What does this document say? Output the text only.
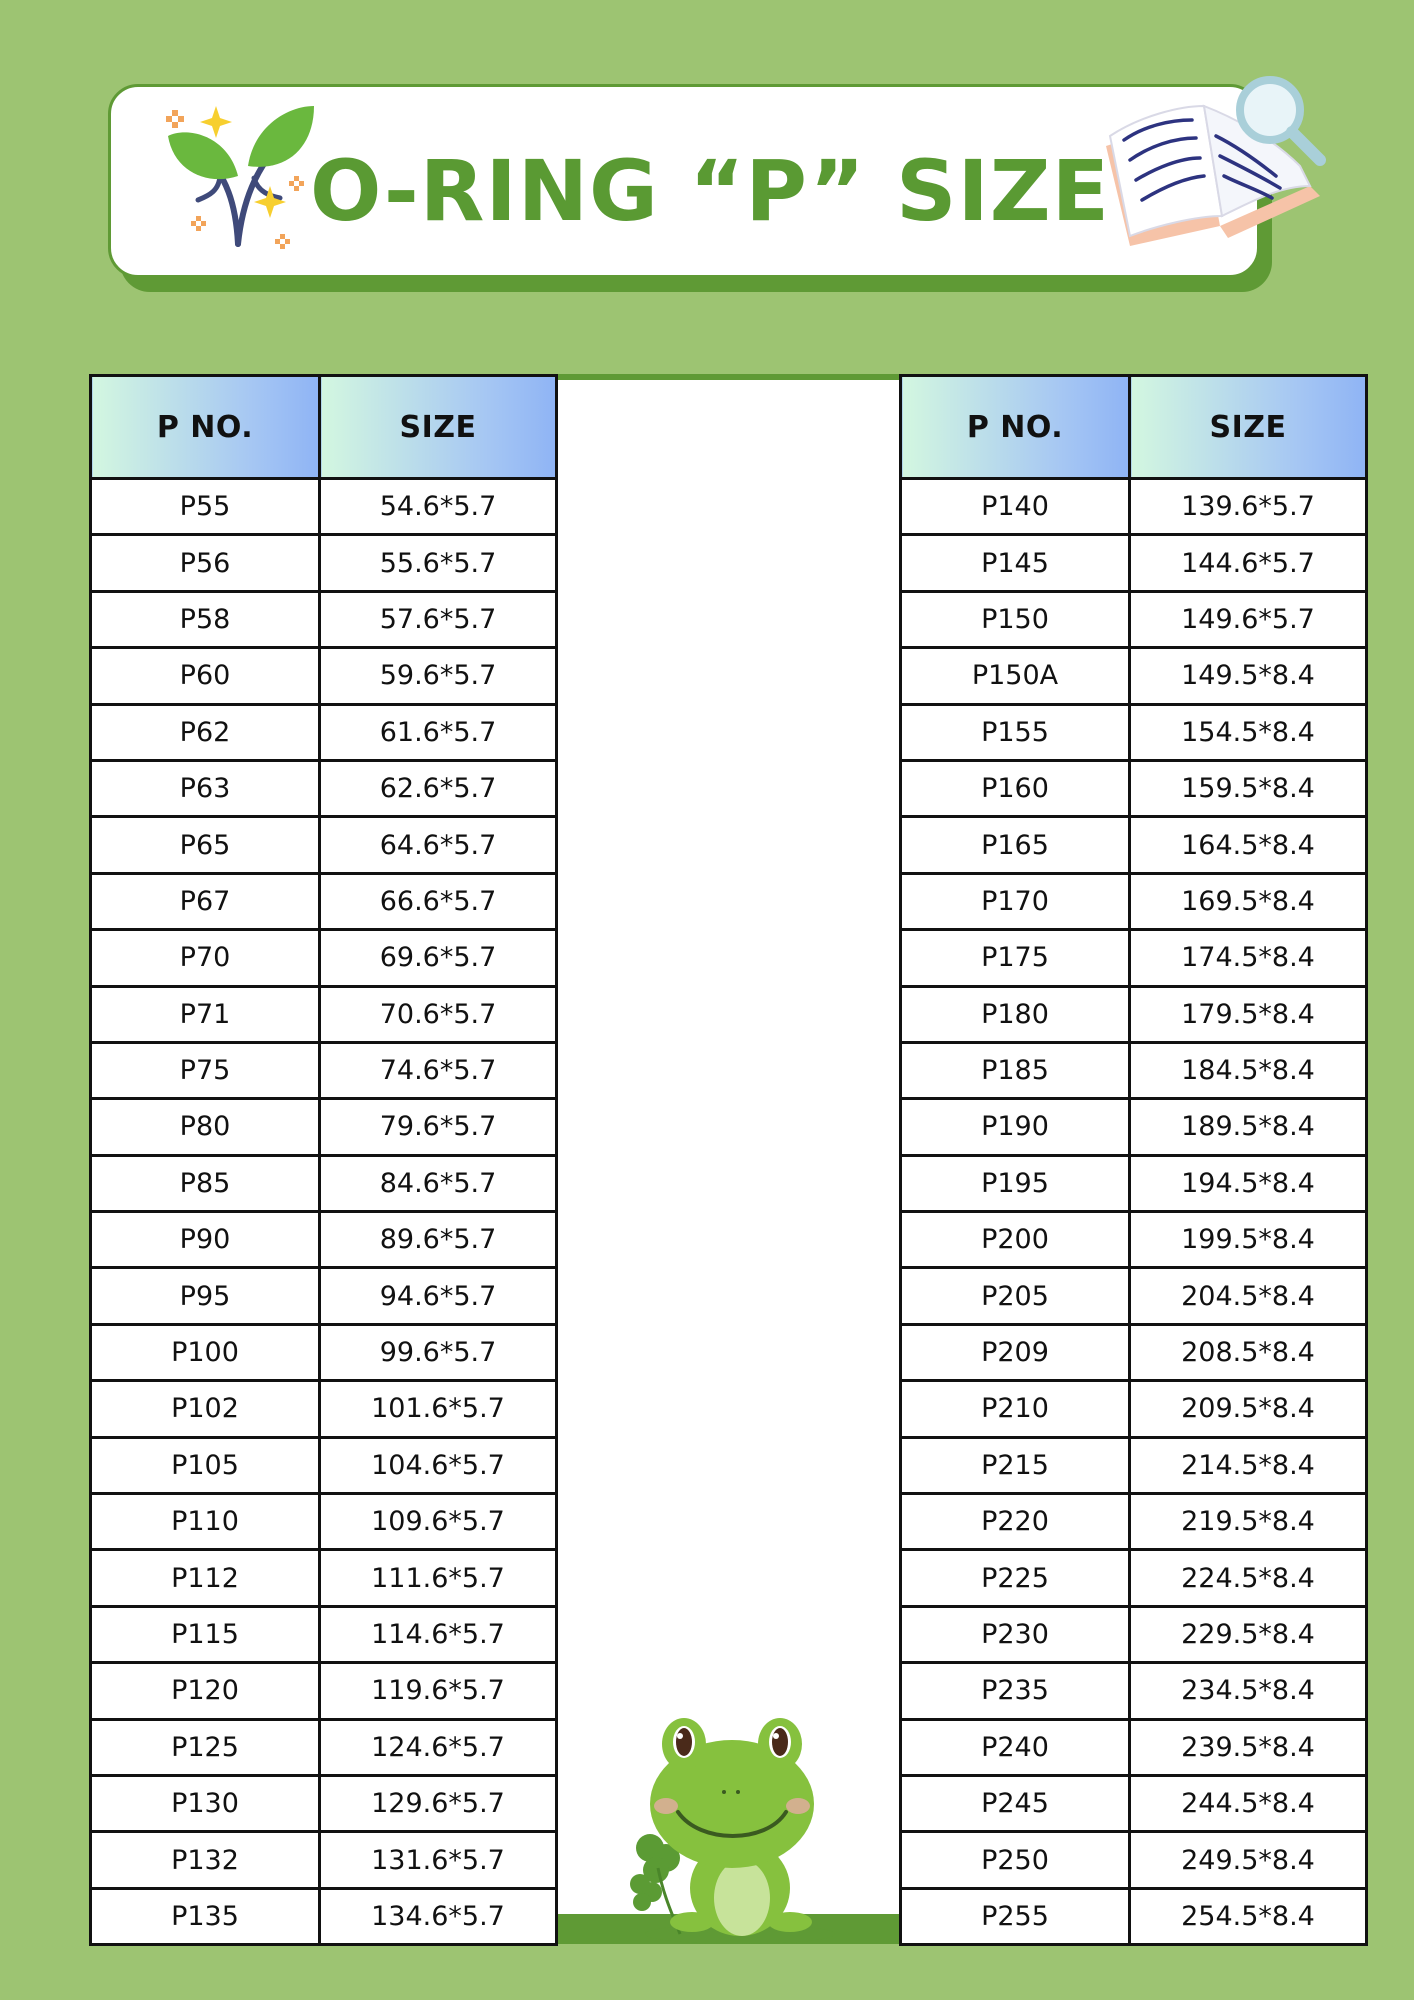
O-RING “P” SIZE
P NO.	SIZE
P55	54.6*5.7
P56	55.6*5.7
P58	57.6*5.7
P60	59.6*5.7
P62	61.6*5.7
P63	62.6*5.7
P65	64.6*5.7
P67	66.6*5.7
P70	69.6*5.7
P71	70.6*5.7
P75	74.6*5.7
P80	79.6*5.7
P85	84.6*5.7
P90	89.6*5.7
P95	94.6*5.7
P100	99.6*5.7
P102	101.6*5.7
P105	104.6*5.7
P110	109.6*5.7
P112	111.6*5.7
P115	114.6*5.7
P120	119.6*5.7
P125	124.6*5.7
P130	129.6*5.7
P132	131.6*5.7
P135	134.6*5.7
P NO.	SIZE
P140	139.6*5.7
P145	144.6*5.7
P150	149.6*5.7
P150A	149.5*8.4
P155	154.5*8.4
P160	159.5*8.4
P165	164.5*8.4
P170	169.5*8.4
P175	174.5*8.4
P180	179.5*8.4
P185	184.5*8.4
P190	189.5*8.4
P195	194.5*8.4
P200	199.5*8.4
P205	204.5*8.4
P209	208.5*8.4
P210	209.5*8.4
P215	214.5*8.4
P220	219.5*8.4
P225	224.5*8.4
P230	229.5*8.4
P235	234.5*8.4
P240	239.5*8.4
P245	244.5*8.4
P250	249.5*8.4
P255	254.5*8.4
